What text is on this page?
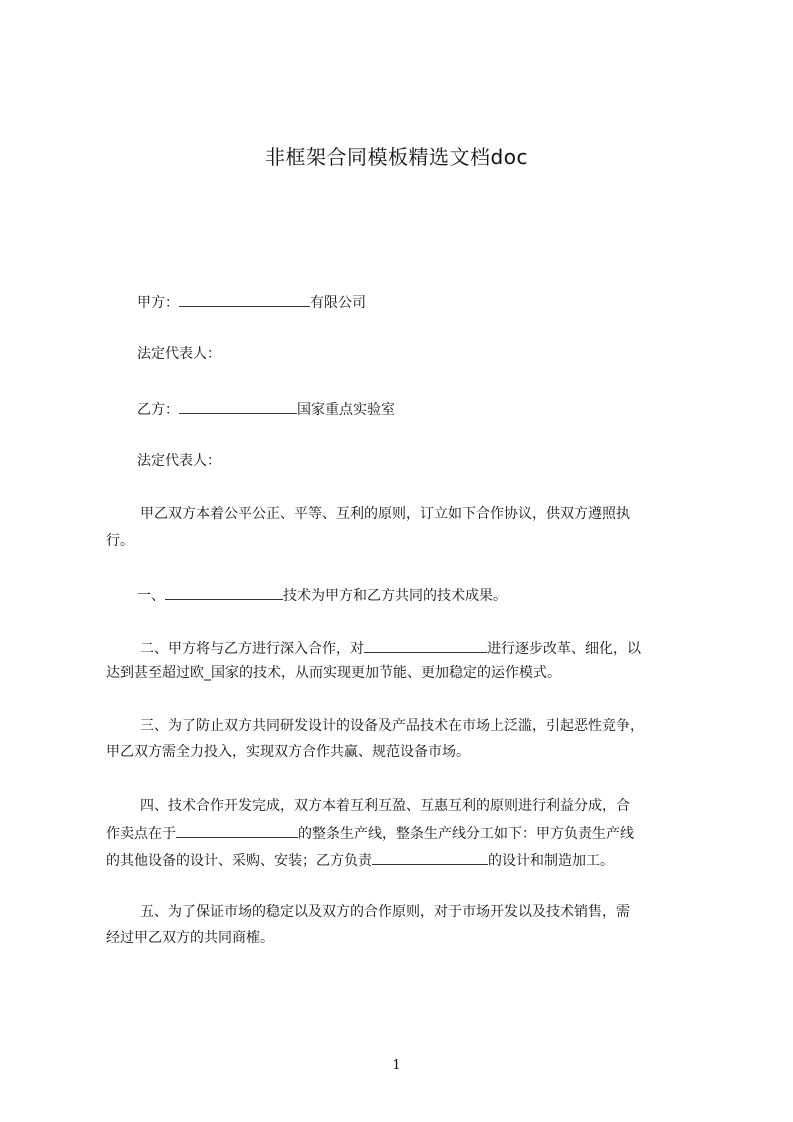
非框架合同模板精选文档doc
甲方：	有限公司
法定代表人：
乙方：	国家重点实验室
法定代表人：
甲乙双方本着公平公正、平等、互利的原则，订立如下合作协议，供双方遵照执
行。
一、	技术为甲方和乙方共同的技术成果。
二、甲方将与乙方进行深入合作，对	进行逐步改革、细化，以
达到甚至超过欧_国家的技术，从而实现更加节能、更加稳定的运作模式。
三、为了防止双方共同研发设计的设备及产品技术在市场上泛滥，引起恶性竞争，
甲乙双方需全力投入，实现双方合作共赢、规范设备市场。
四、技术合作开发完成，双方本着互利互盈、互惠互利的原则进行利益分成，合
作卖点在于	的整条生产线，整条生产线分工如下：甲方负责生产线
的其他设备的设计、采购、安装；乙方负责	的设计和制造加工。
五、为了保证市场的稳定以及双方的合作原则，对于市场开发以及技术销售，需
经过甲乙双方的共同商榷。
1
